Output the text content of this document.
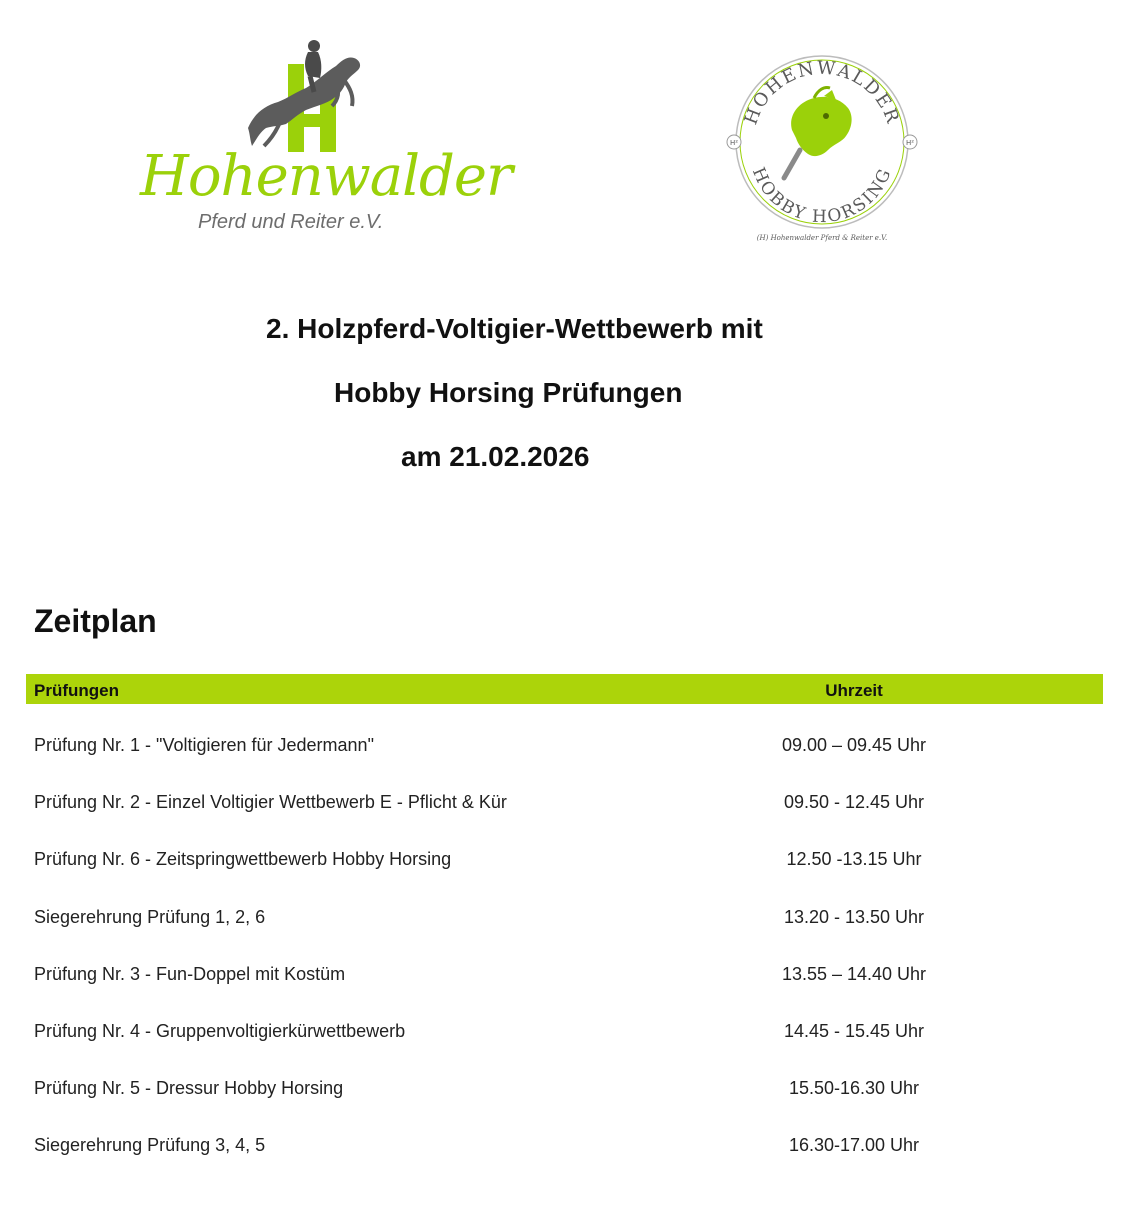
Hohenwalder
Pferd und Reiter e.V.
HOHENWALDER
HOBBY HORSING
H²	H²
(H) Hohenwalder Pferd & Reiter e.V.
2. Holzpferd-Voltigier-Wettbewerb mit
Hobby Horsing Prüfungen
am 21.02.2026
Zeitplan
Prüfungen	Uhrzeit
Prüfung Nr. 1 - "Voltigieren für Jedermann"	09.00 – 09.45 Uhr
Prüfung Nr. 2 - Einzel Voltigier Wettbewerb E - Pflicht & Kür	09.50 - 12.45 Uhr
Prüfung Nr. 6 - Zeitspringwettbewerb Hobby Horsing	12.50 -13.15 Uhr
Siegerehrung Prüfung 1, 2, 6	13.20 - 13.50 Uhr
Prüfung Nr. 3 - Fun-Doppel mit Kostüm	13.55 – 14.40 Uhr
Prüfung Nr. 4 - Gruppenvoltigierkürwettbewerb	14.45 - 15.45 Uhr
Prüfung Nr. 5 - Dressur Hobby Horsing	15.50-16.30 Uhr
Siegerehrung Prüfung 3, 4, 5	16.30-17.00 Uhr
